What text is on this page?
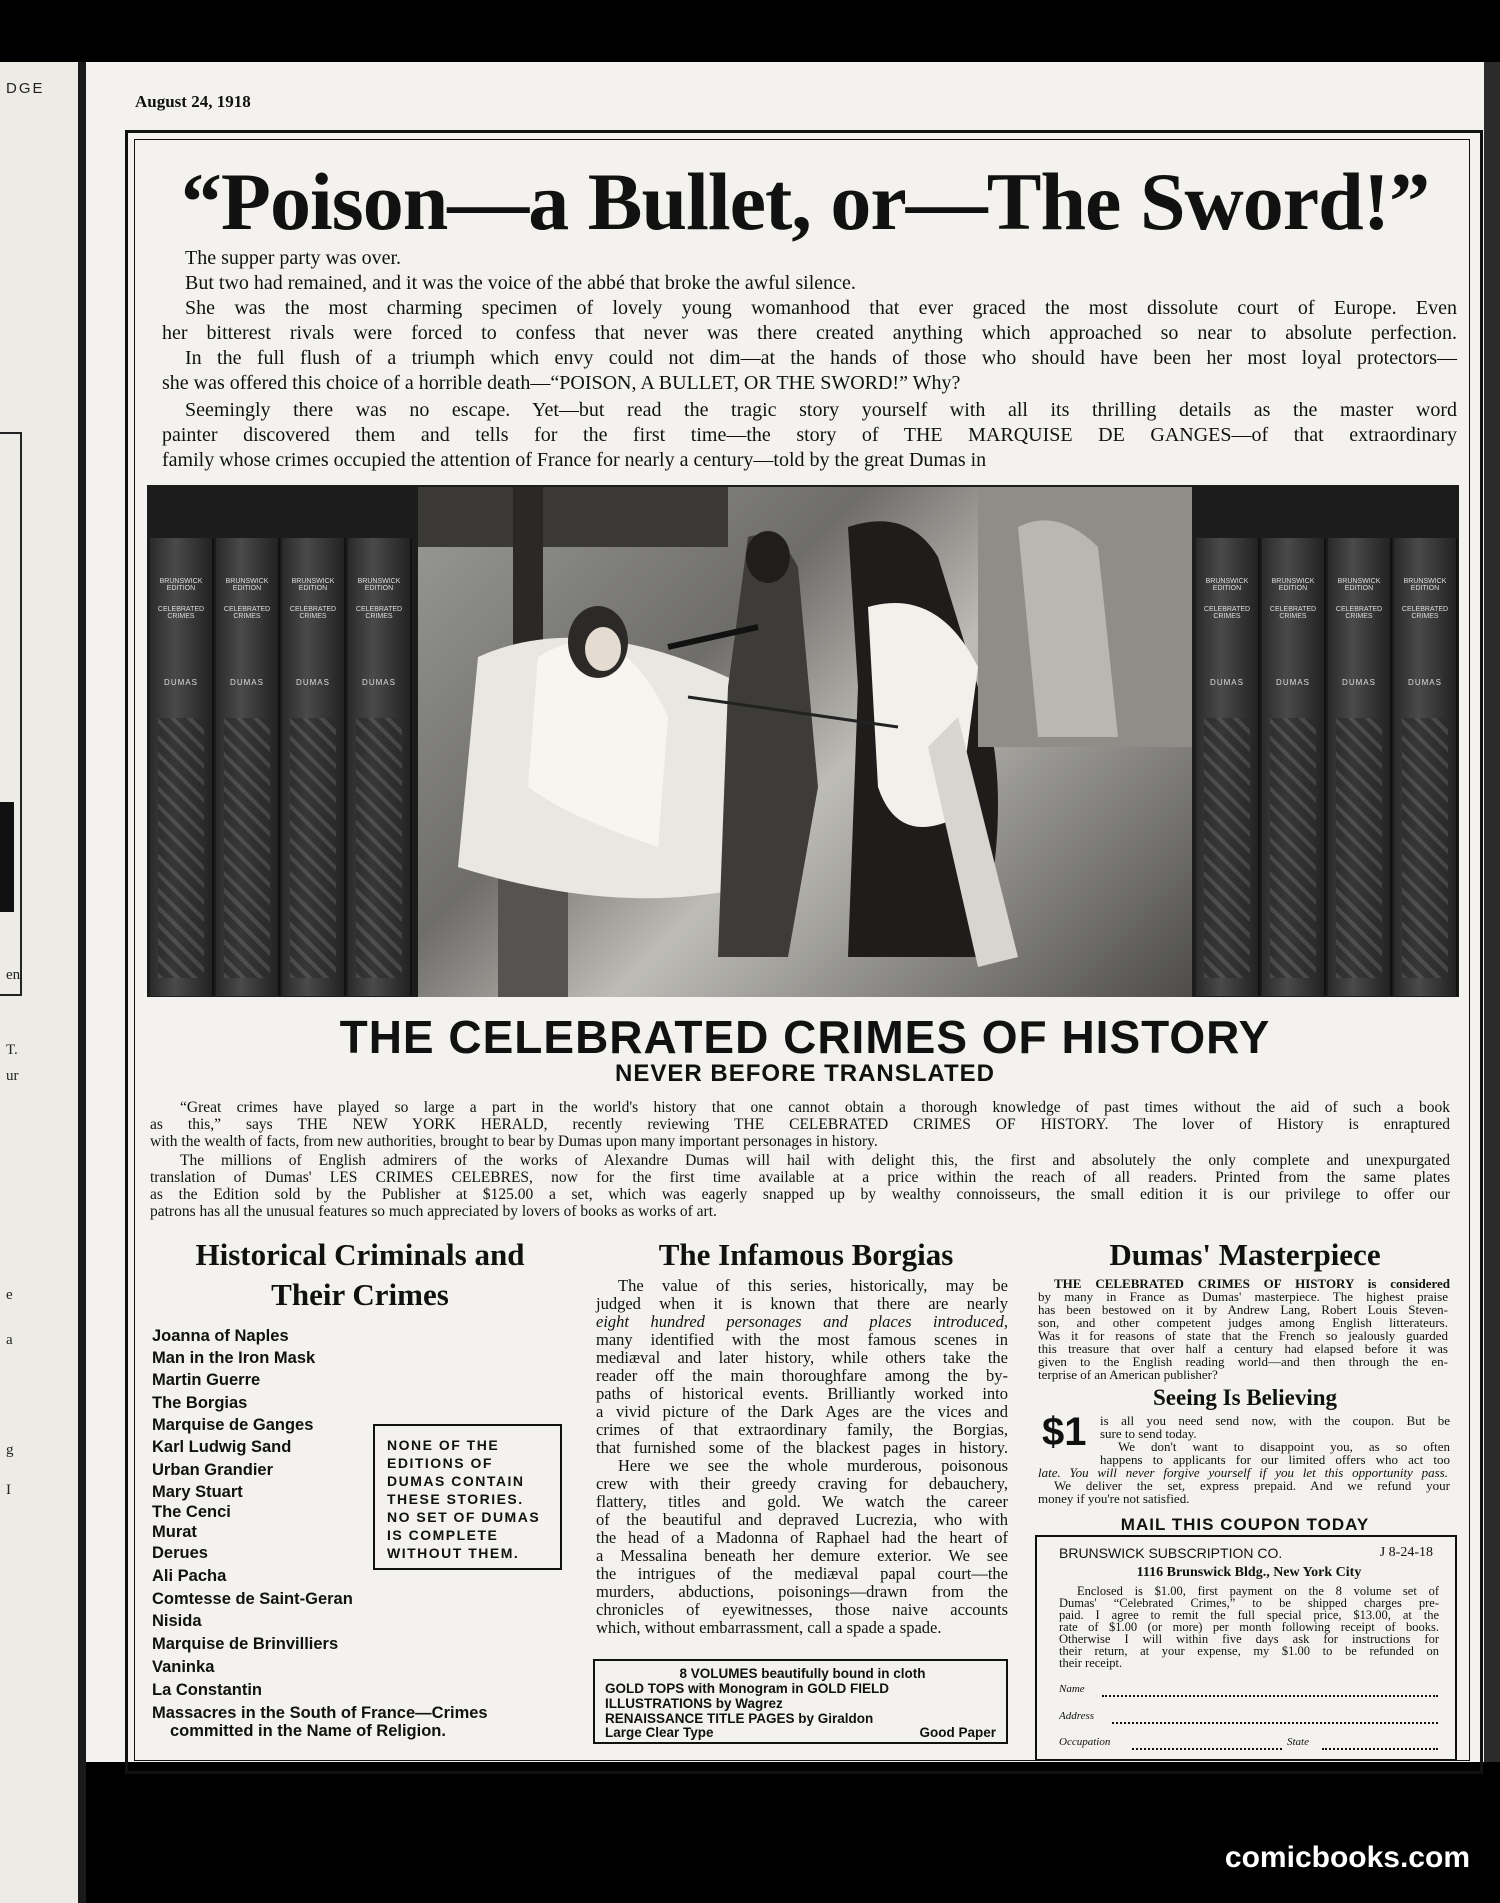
DGE
en
T.
ur
e
a
g
I
August 24, 1918
“Poison—a Bullet, or—The Sword!”
The supper party was over.
But two had remained, and it was the voice of the abbé that broke the awful silence.
She was the most charming specimen of lovely young womanhood that ever graced the most dissolute court of Europe. Even
her bitterest rivals were forced to confess that never was there created anything which approached so near to absolute perfection.
In the full flush of a triumph which envy could not dim—at the hands of those who should have been her most loyal protectors—
she was offered this choice of a horrible death—“POISON, A BULLET, OR THE SWORD!” Why?
Seemingly there was no escape. Yet—but read the tragic story yourself with all its thrilling details as the master word
painter discovered them and tells for the first time—the story of THE MARQUISE DE GANGES—of that extraordinary
family whose crimes occupied the attention of France for nearly a century—told by the great Dumas in
BRUNSWICK EDITION
CELEBRATED CRIMES
DUMAS
BRUNSWICK EDITION
CELEBRATED CRIMES
DUMAS
BRUNSWICK EDITION
CELEBRATED CRIMES
DUMAS
BRUNSWICK EDITION
CELEBRATED CRIMES
DUMAS
BRUNSWICK EDITION
CELEBRATED CRIMES
DUMAS
BRUNSWICK EDITION
CELEBRATED CRIMES
DUMAS
BRUNSWICK EDITION
CELEBRATED CRIMES
DUMAS
BRUNSWICK EDITION
CELEBRATED CRIMES
DUMAS
THE CELEBRATED CRIMES OF HISTORY
NEVER BEFORE TRANSLATED
“Great crimes have played so large a part in the world's history that one cannot obtain a thorough knowledge of past times without the aid of such a book
as this,” says THE NEW YORK HERALD, recently reviewing THE CELEBRATED CRIMES OF HISTORY. The lover of History is enraptured
with the wealth of facts, from new authorities, brought to bear by Dumas upon many important personages in history.
The millions of English admirers of the works of Alexandre Dumas will hail with delight this, the first and absolutely the only complete and unexpurgated
translation of Dumas' LES CRIMES CELEBRES, now for the first time available at a price within the reach of all readers. Printed from the same plates
as the Edition sold by the Publisher at $125.00 a set, which was eagerly snapped up by wealthy connoisseurs, the small edition it is our privilege to offer our
patrons has all the unusual features so much appreciated by lovers of books as works of art.
Historical Criminals and
Their Crimes
Joanna of Naples
Man in the Iron Mask
Martin Guerre
The Borgias
Marquise de Ganges
Karl Ludwig Sand
Urban Grandier
Mary Stuart
The Cenci
Murat
Derues
Ali Pacha
Comtesse de Saint-Geran
Nisida
Marquise de Brinvilliers
Vaninka
La Constantin
Massacres in the South of France—Crimes
committed in the Name of Religion.
NONE OF THE EDITIONS OF DUMAS CONTAIN THESE STORIES. NO SET OF DUMAS IS COMPLETE WITHOUT THEM.
The Infamous Borgias
The value of this series, historically, may be
judged when it is known that there are nearly
eight hundred personages and places introduced,
many identified with the most famous scenes in
mediæval and later history, while others take the
reader off the main thoroughfare among the by-
paths of historical events. Brilliantly worked into
a vivid picture of the Dark Ages are the vices and
crimes of that extraordinary family, the Borgias,
that furnished some of the blackest pages in history.
Here we see the whole murderous, poisonous
crew with their greedy craving for debauchery,
flattery, titles and gold. We watch the career
of the beautiful and depraved Lucrezia, who with
the head of a Madonna of Raphael had the heart of
a Messalina beneath her demure exterior. We see
the intrigues of the mediæval papal court—the
murders, abductions, poisonings—drawn from the
chronicles of eyewitnesses, those naive accounts
which, without embarrassment, call a spade a spade.
8 VOLUMES beautifully bound in cloth
GOLD TOPS with Monogram in GOLD FIELD
ILLUSTRATIONS by Wagrez
RENAISSANCE TITLE PAGES by Giraldon
Large Clear Type	Good Paper
Dumas' Masterpiece
THE CELEBRATED CRIMES OF HISTORY is considered
by many in France as Dumas' masterpiece. The highest praise
has been bestowed on it by Andrew Lang, Robert Louis Steven-
son, and other competent judges among English litterateurs.
Was it for reasons of state that the French so jealously guarded
this treasure that over half a century had elapsed before it was
given to the English reading world—and then through the en-
terprise of an American publisher?
Seeing Is Believing
$1 is all you need send now, with the coupon. But be
sure to send today.
We don't want to disappoint you, as so often
happens to applicants for our limited offers who act too
late. You will never forgive yourself if you let this opportunity pass.
We deliver the set, express prepaid. And we refund your
money if you're not satisfied.
MAIL THIS COUPON TODAY
BRUNSWICK SUBSCRIPTION CO.	J 8-24-18
1116 Brunswick Bldg., New York City
Enclosed is $1.00, first payment on the 8 volume set of
Dumas' “Celebrated Crimes,” to be shipped charges pre-
paid. I agree to remit the full special price, $13.00, at the
rate of $1.00 (or more) per month following receipt of books.
Otherwise I will within five days ask for instructions for
their return, at your expense, my $1.00 to be refunded on
their receipt.
Name
Address
Occupation	State
comicbooks.com
